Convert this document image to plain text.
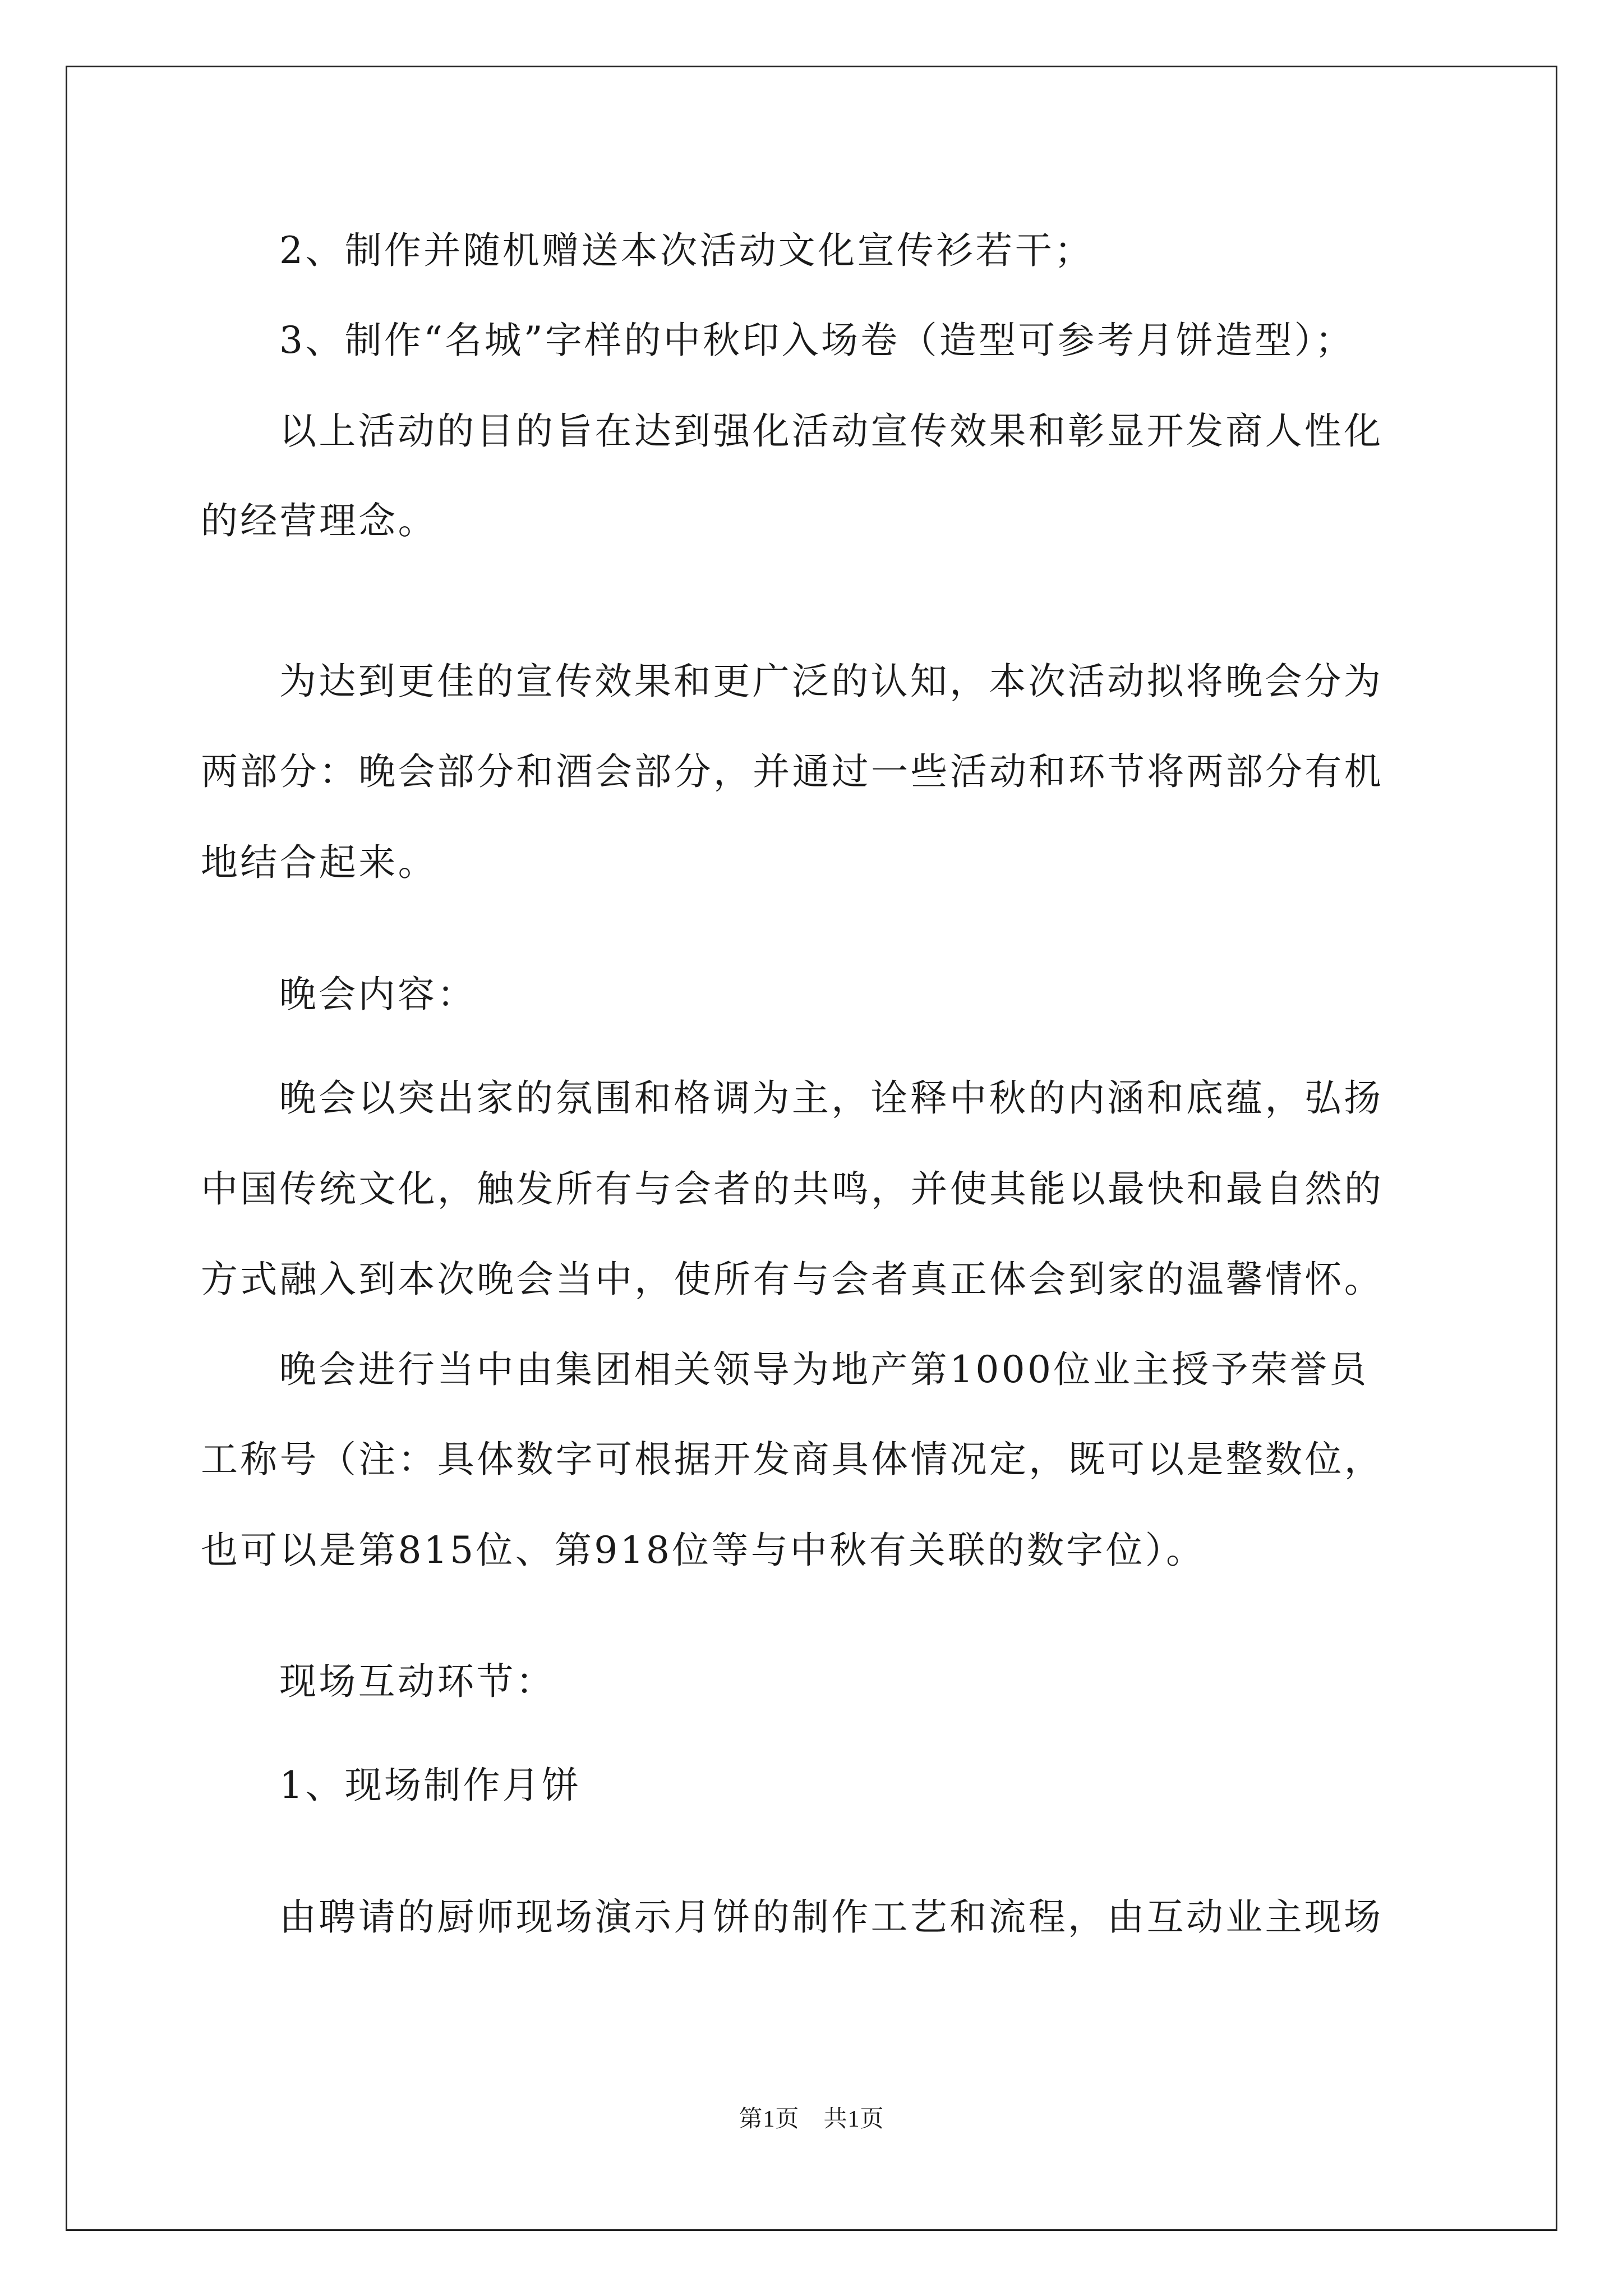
2、制作并随机赠送本次活动文化宣传衫若干；
3、制作“名城”字样的中秋印入场卷（造型可参考月饼造型）；
以上活动的目的旨在达到强化活动宣传效果和彰显开发商人性化
的经营理念。
为达到更佳的宣传效果和更广泛的认知，本次活动拟将晚会分为
两部分：晚会部分和酒会部分，并通过一些活动和环节将两部分有机
地结合起来。
晚会内容：
晚会以突出家的氛围和格调为主，诠释中秋的内涵和底蕴，弘扬
中国传统文化，触发所有与会者的共鸣，并使其能以最快和最自然的
方式融入到本次晚会当中，使所有与会者真正体会到家的温馨情怀。
晚会进行当中由集团相关领导为地产第1000位业主授予荣誉员
工称号（注：具体数字可根据开发商具体情况定，既可以是整数位，
也可以是第815位、第918位等与中秋有关联的数字位）。
现场互动环节：
1、现场制作月饼
由聘请的厨师现场演示月饼的制作工艺和流程，由互动业主现场
第1页　共1页
